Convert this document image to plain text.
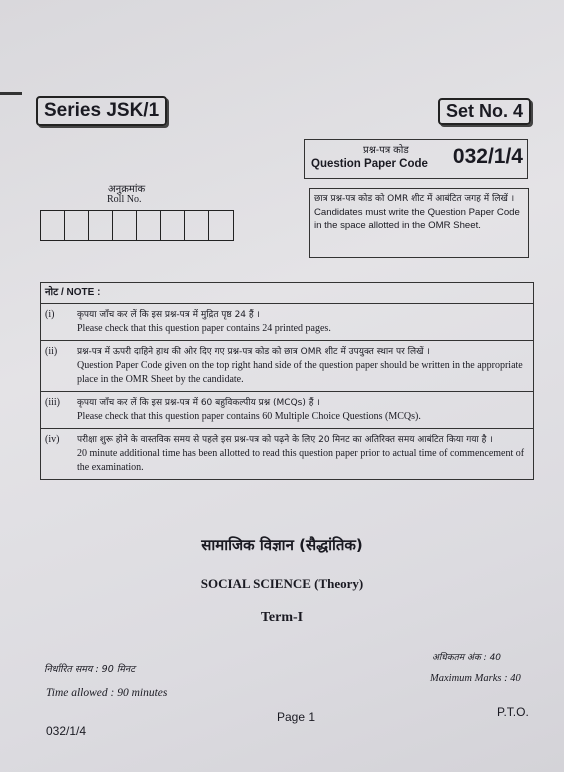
Series JSK/1	Set No. 4
प्रश्न-पत्र कोड
Question Paper Code 032/1/4
अनुक्रमांक
Roll No.	छात्र प्रश्न-पत्र कोड को OMR शीट में आबंटित जगह में लिखें ।
Candidates must write the Question Paper Code in the space allotted in the OMR Sheet.
नोट / NOTE :
(i)	कृपया जाँच कर लें कि इस प्रश्न-पत्र में मुद्रित पृष्ठ 24 हैं ।
Please check that this question paper contains 24 printed pages.
(ii)	प्रश्न-पत्र में ऊपरी दाहिने हाथ की ओर दिए गए प्रश्न-पत्र कोड को छात्र OMR शीट में उपयुक्त स्थान पर लिखें ।
Question Paper Code given on the top right hand side of the question paper should be written in the appropriate place in the OMR Sheet by the candidate.
(iii)	कृपया जाँच कर लें कि इस प्रश्न-पत्र में 60 बहुविकल्पीय प्रश्न (MCQs) हैं ।
Please check that this question paper contains 60 Multiple Choice Questions (MCQs).
(iv)	परीक्षा शुरू होने के वास्तविक समय से पहले इस प्रश्न-पत्र को पढ़ने के लिए 20 मिनट का अतिरिक्त समय आबंटित किया गया है ।
20 minute additional time has been allotted to read this question paper prior to actual time of commencement of the examination.
सामाजिक विज्ञान (सैद्धांतिक)
SOCIAL SCIENCE (Theory)
Term-I
निर्धारित समय : 90 मिनट
Time allowed : 90 minutes
अधिकतम अंक : 40
Maximum Marks : 40
Page 1	P.T.O.
032/1/4
